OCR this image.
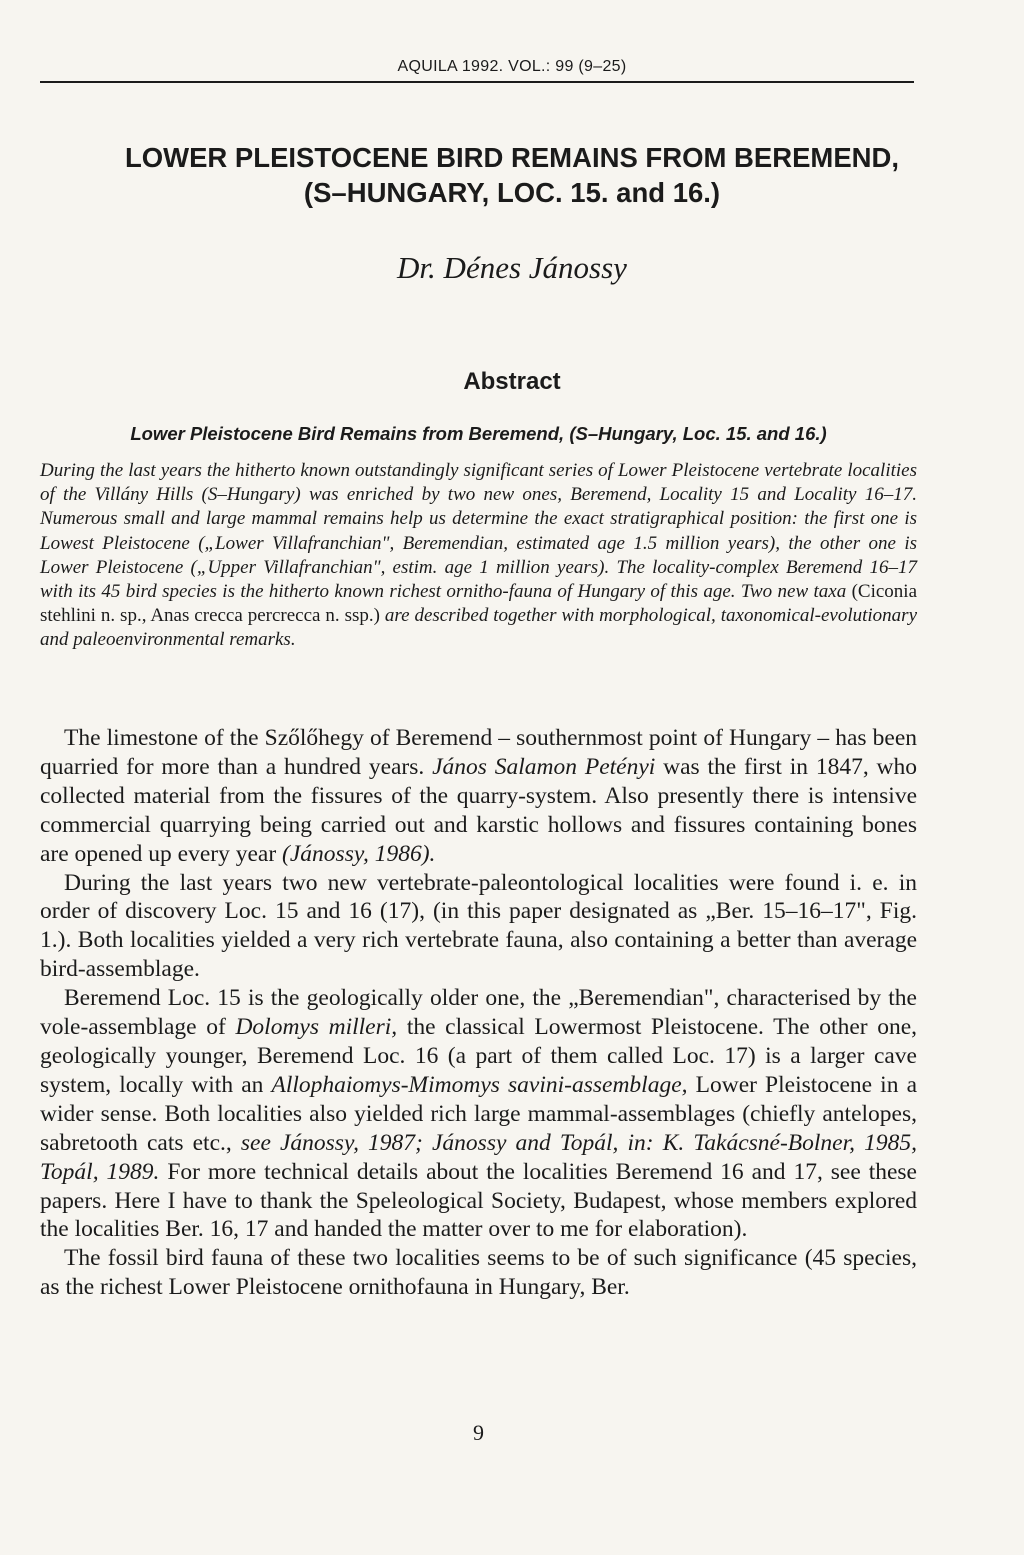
AQUILA 1992. VOL.: 99 (9–25)
LOWER PLEISTOCENE BIRD REMAINS FROM BEREMEND,
(S–HUNGARY, LOC. 15. and 16.)
Dr. Dénes Jánossy
Abstract
Lower Pleistocene Bird Remains from Beremend, (S–Hungary, Loc. 15. and 16.)

During the last years the hitherto known outstandingly significant series of Lower Pleistocene vertebrate localities of the Villány Hills (S–Hungary) was enriched by two new ones, Beremend, Locality 15 and Locality 16–17. Numerous small and large mammal remains help us determine the exact stratigraphical position: the first one is Lowest Pleistocene („Lower Villafranchian", Beremendian, estimated age 1.5 million years), the other one is Lower Pleistocene („Upper Villafranchian", estim. age 1 million years). The locality-complex Beremend 16–17 with its 45 bird species is the hitherto known richest ornitho-fauna of Hungary of this age. Two new taxa (Ciconia stehlini n. sp., Anas crecca percrecca n. ssp.) are described together with morphological, taxonomical-evolutionary and paleoenvironmental remarks.

The limestone of the Szőlőhegy of Beremend – southernmost point of Hungary – has been quarried for more than a hundred years. János Salamon Petényi was the first in 1847, who collected material from the fissures of the quarry-system. Also presently there is intensive commercial quarrying being carried out and karstic hollows and fissures containing bones are opened up every year (Jánossy, 1986).

During the last years two new vertebrate-paleontological localities were found i. e. in order of discovery Loc. 15 and 16 (17), (in this paper designated as „Ber. 15–16–17", Fig. 1.). Both localities yielded a very rich vertebrate fauna, also containing a better than average bird-assemblage.

Beremend Loc. 15 is the geologically older one, the „Beremendian", characterised by the vole-assemblage of Dolomys milleri, the classical Lowermost Pleistocene. The other one, geologically younger, Beremend Loc. 16 (a part of them called Loc. 17) is a larger cave system, locally with an Allophaiomys-Mimomys savini-assemblage, Lower Pleistocene in a wider sense. Both localities also yielded rich large mammal-assemblages (chiefly antelopes, sabretooth cats etc., see Jánossy, 1987; Jánossy and Topál, in: K. Takácsné-Bolner, 1985, Topál, 1989. For more technical details about the localities Beremend 16 and 17, see these papers. Here I have to thank the Speleological Society, Budapest, whose members explored the localities Ber. 16, 17 and handed the matter over to me for elaboration).

The fossil bird fauna of these two localities seems to be of such significance (45 species, as the richest Lower Pleistocene ornithofauna in Hungary, Ber.

9
